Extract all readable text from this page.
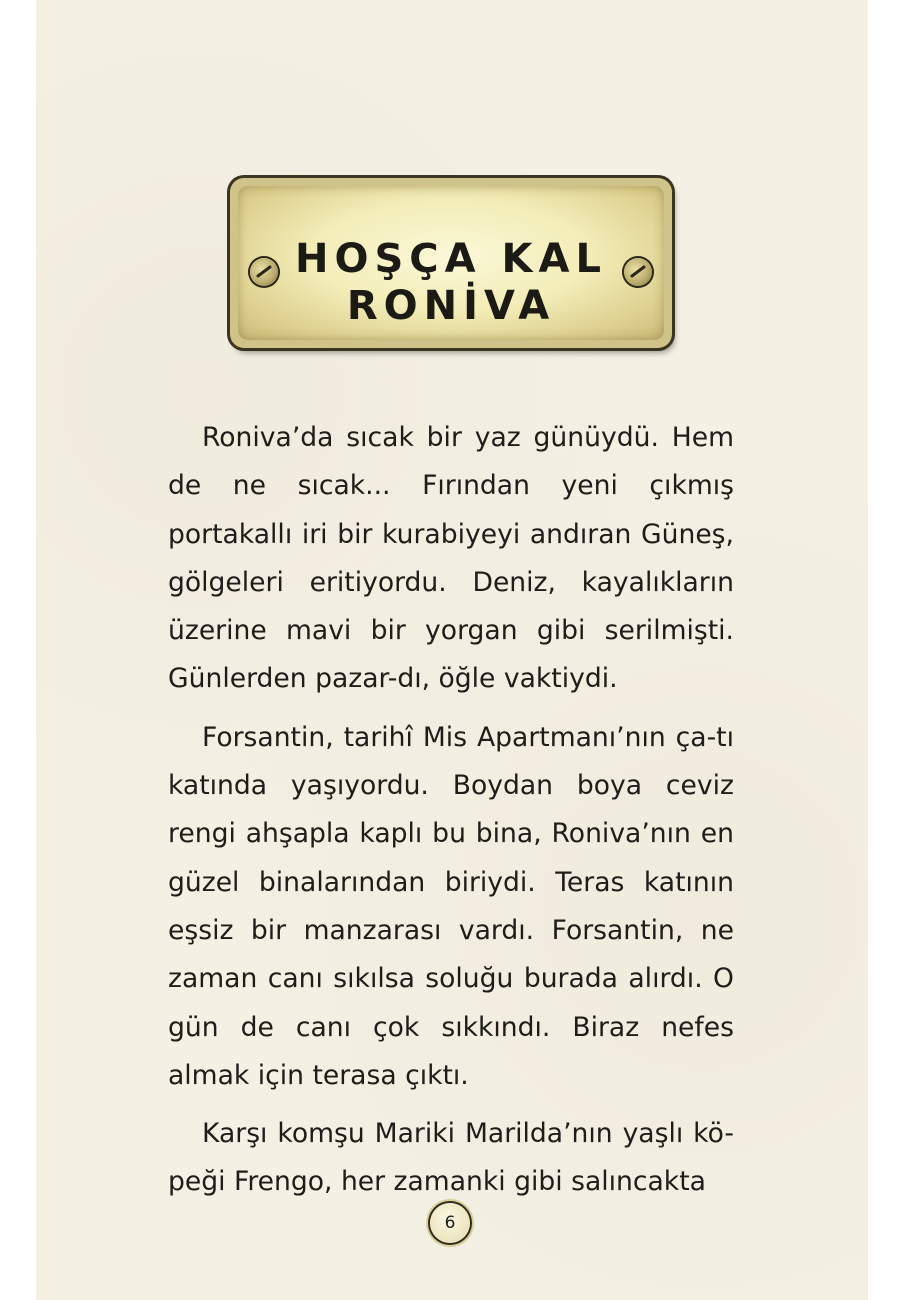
HOŞÇA KAL
RONİVA

Roniva’da sıcak bir yaz günüydü. Hem de ne sıcak... Fırından yeni çıkmış portakallı iri bir kurabiyeyi andıran Güneş, gölgeleri eritiyordu. Deniz, kayalıkların üzerine mavi bir yorgan gibi serilmişti. Günlerden pazar-dı, öğle vaktiydi.

Forsantin, tarihî Mis Apartmanı’nın ça-tı katında yaşıyordu. Boydan boya ceviz rengi ahşapla kaplı bu bina, Roniva’nın en güzel binalarından biriydi. Teras katının eşsiz bir manzarası vardı. Forsantin, ne zaman canı sıkılsa soluğu burada alırdı. O gün de canı çok sıkkındı. Biraz nefes almak için terasa çıktı.

Karşı komşu Mariki Marilda’nın yaşlı kö-peği Frengo, her zamanki gibi salıncakta

6
